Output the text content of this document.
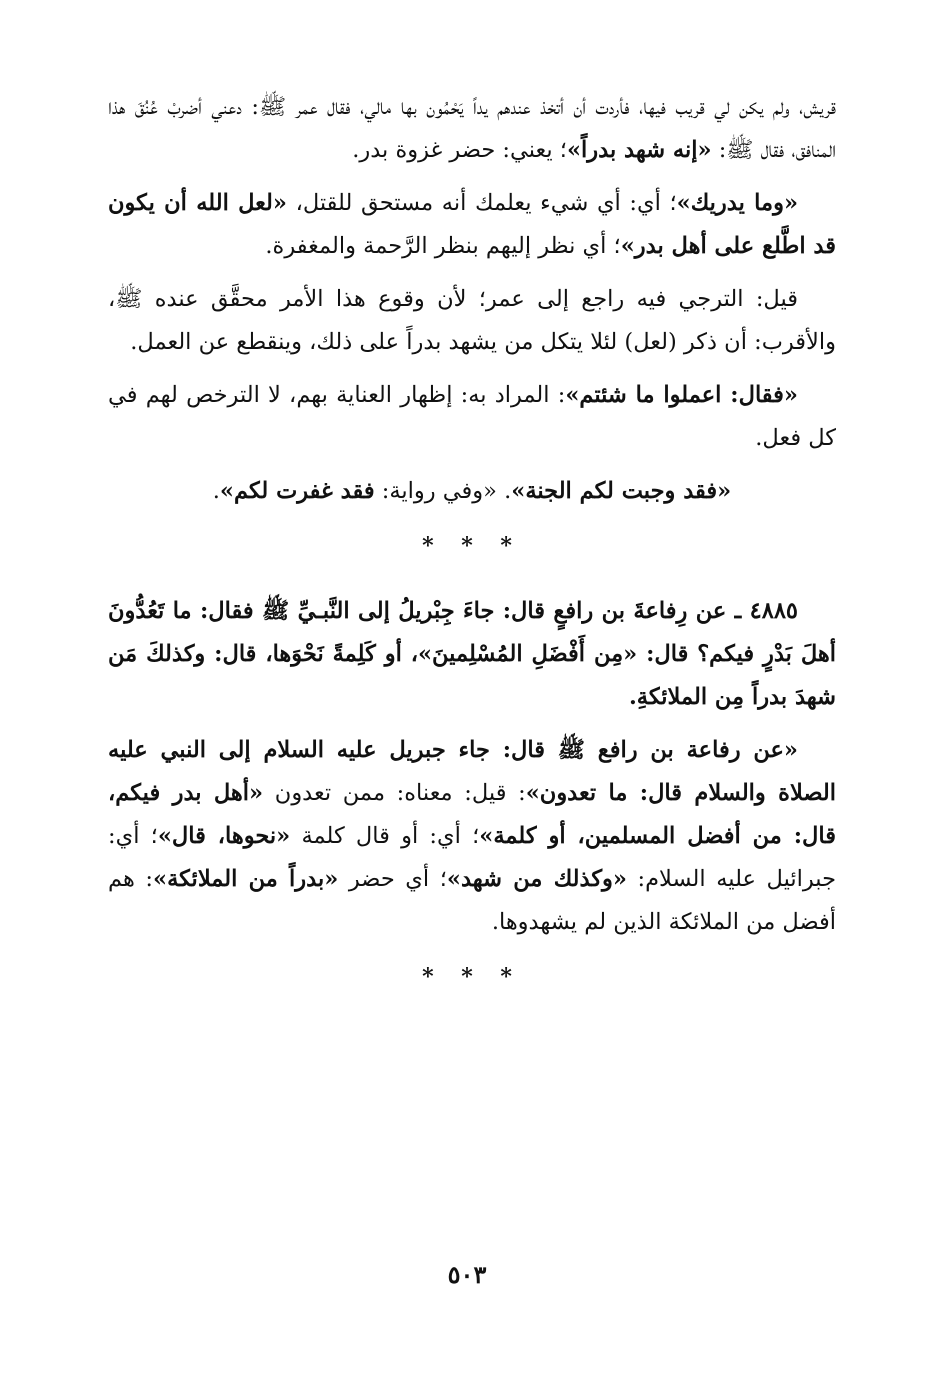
قريش، ولم يكن لي قريب فيها، فأردت أن أتخذ عندهم يداً يَحْمُون بها مالي، فقال عمر ﷺ: دعني أضربْ عُنُقَ هذا المنافق، فقال ﷺ: «إنه شهد بدراً»؛ يعني: حضر غزوة بدر.

«وما يدريك»؛ أي: أي شيء يعلمك أنه مستحق للقتل، «لعل الله أن يكون قد اطَّلع على أهل بدر»؛ أي نظر إليهم بنظر الرَّحمة والمغفرة.

قيل: الترجي فيه راجع إلى عمر؛ لأن وقوع هذا الأمر محقَّق عنده ﷺ، والأقرب: أن ذكر (لعل) لئلا يتكل من يشهد بدراً على ذلك، وينقطع عن العمل.

«فقال: اعملوا ما شئتم»: المراد به: إظهار العناية بهم، لا الترخص لهم في كل فعل.

«فقد وجبت لكم الجنة». «وفي رواية: فقد غفرت لكم».

* * *

٤٨٨٥ ـ عن رِفاعةَ بن رافعٍ قال: جاءَ جِبْريلُ إلى النَّبـيِّ ﷺ فقال: ما تَعُدُّونَ أهلَ بَدْرٍ فيكم؟ قال: «مِن أَفْضَلِ المُسْلِمينَ»، أو كَلِمةً نَحْوَها، قال: وكذلكَ مَن شهدَ بدراً مِن الملائكةِ.

«عن رفاعة بن رافع ﷺ قال: جاء جبريل عليه السلام إلى النبي عليه الصلاة والسلام قال: ما تعدون»: قيل: معناه: ممن تعدون «أهل بدر فيكم، قال: من أفضل المسلمين، أو كلمة»؛ أي: أو قال كلمة «نحوها، قال»؛ أي: جبرائيل عليه السلام: «وكذلك من شهد»؛ أي حضر «بدراً من الملائكة»: هم أفضل من الملائكة الذين لم يشهدوها.

* * *
٥٠٣
